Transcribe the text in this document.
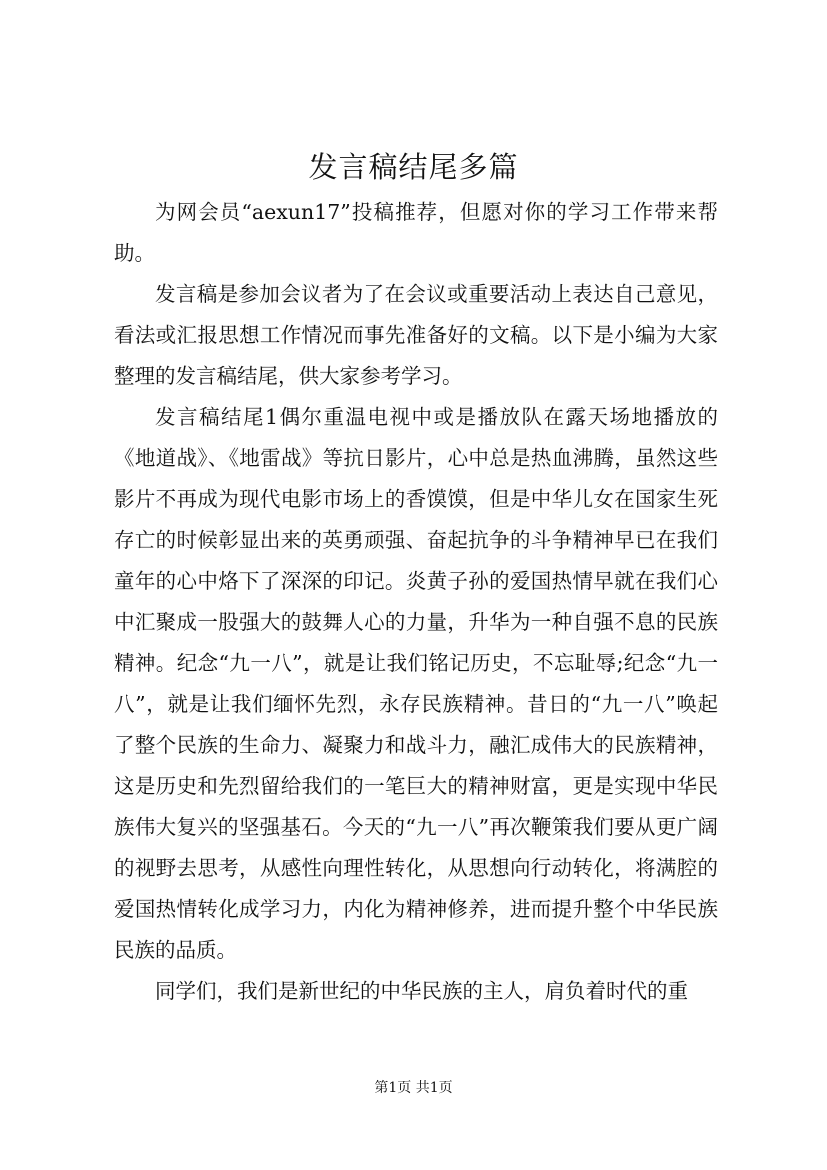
发言稿结尾多篇

为网会员“aexun17”投稿推荐，但愿对你的学习工作带来帮助。

发言稿是参加会议者为了在会议或重要活动上表达自己意见，看法或汇报思想工作情况而事先准备好的文稿。以下是小编为大家整理的发言稿结尾，供大家参考学习。

发言稿结尾1偶尔重温电视中或是播放队在露天场地播放的《地道战》、《地雷战》等抗日影片，心中总是热血沸腾，虽然这些影片不再成为现代电影市场上的香馍馍，但是中华儿女在国家生死存亡的时候彰显出来的英勇顽强、奋起抗争的斗争精神早已在我们童年的心中烙下了深深的印记。炎黄子孙的爱国热情早就在我们心中汇聚成一股强大的鼓舞人心的力量，升华为一种自强不息的民族精神。纪念“九一八”，就是让我们铭记历史，不忘耻辱;纪念“九一八”，就是让我们缅怀先烈，永存民族精神。昔日的“九一八”唤起了整个民族的生命力、凝聚力和战斗力，融汇成伟大的民族精神，这是历史和先烈留给我们的一笔巨大的精神财富，更是实现中华民族伟大复兴的坚强基石。今天的“九一八”再次鞭策我们要从更广阔的视野去思考，从感性向理性转化，从思想向行动转化，将满腔的爱国热情转化成学习力，内化为精神修养，进而提升整个中华民族民族的品质。

同学们，我们是新世纪的中华民族的主人，肩负着时代的重

第1页 共1页
